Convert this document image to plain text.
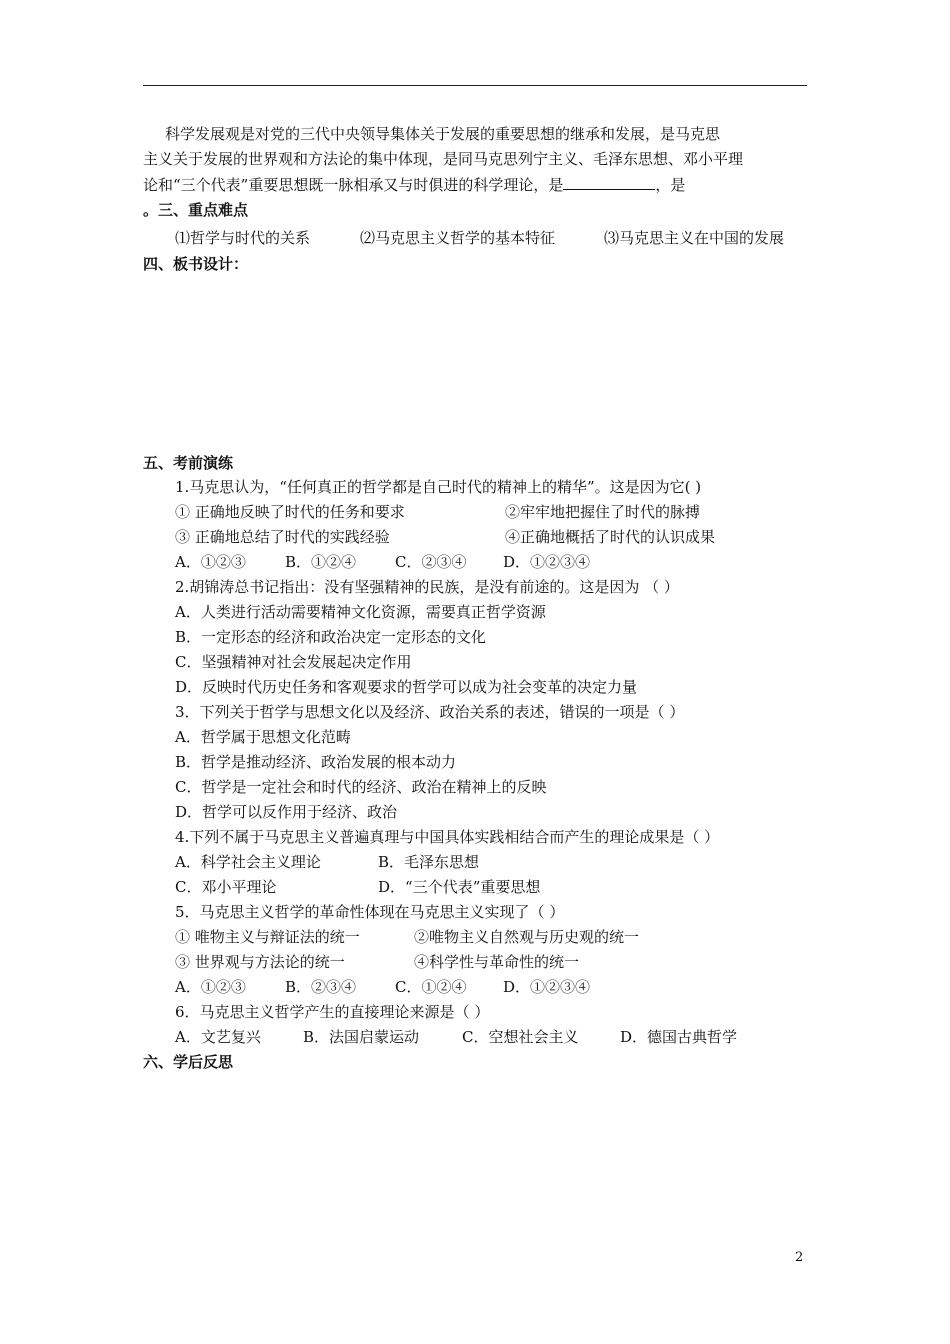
科学发展观是对党的三代中央领导集体关于发展的重要思想的继承和发展，是马克思
主义关于发展的世界观和方法论的集中体现，是同马克思列宁主义、毛泽东思想、邓小平理
论和“三个代表”重要思想既一脉相承又与时俱进的科学理论，是	，是
。三、重点难点
⑴哲学与时代的关系	⑵马克思主义哲学的基本特征	⑶马克思主义在中国的发展
四、板书设计：
五、考前演练
1.马克思认为，“任何真正的哲学都是自己时代的精神上的精华”。这是因为它( )
① 正确地反映了时代的任务和要求	②牢牢地把握住了时代的脉搏
③ 正确地总结了时代的实践经验	④正确地概括了时代的认识成果
A．①②③	B．①②④	C．②③④ D．①②③④
2.胡锦涛总书记指出：没有坚强精神的民族，是没有前途的。这是因为 （ ）
A．人类进行活动需要精神文化资源，需要真正哲学资源
B．一定形态的经济和政治决定一定形态的文化
C．坚强精神对社会发展起决定作用
D．反映时代历史任务和客观要求的哲学可以成为社会变革的决定力量
3．下列关于哲学与思想文化以及经济、政治关系的表述，错误的一项是（ ）
A．哲学属于思想文化范畴
B．哲学是推动经济、政治发展的根本动力
C．哲学是一定社会和时代的经济、政治在精神上的反映
D．哲学可以反作用于经济、政治
4.下列不属于马克思主义普遍真理与中国具体实践相结合而产生的理论成果是（ ）
A．科学社会主义理论	B．毛泽东思想
C．邓小平理论	D．“三个代表”重要思想
5．马克思主义哲学的革命性体现在马克思主义实现了（ ）
① 唯物主义与辩证法的统一	②唯物主义自然观与历史观的统一
③ 世界观与方法论的统一	④科学性与革命性的统一
A．①②③	B．②③④	C．①②④ D．①②③④
6．马克思主义哲学产生的直接理论来源是（ ）
A．文艺复兴	B．法国启蒙运动	C．空想社会主义	D．德国古典哲学
六、学后反思
2
